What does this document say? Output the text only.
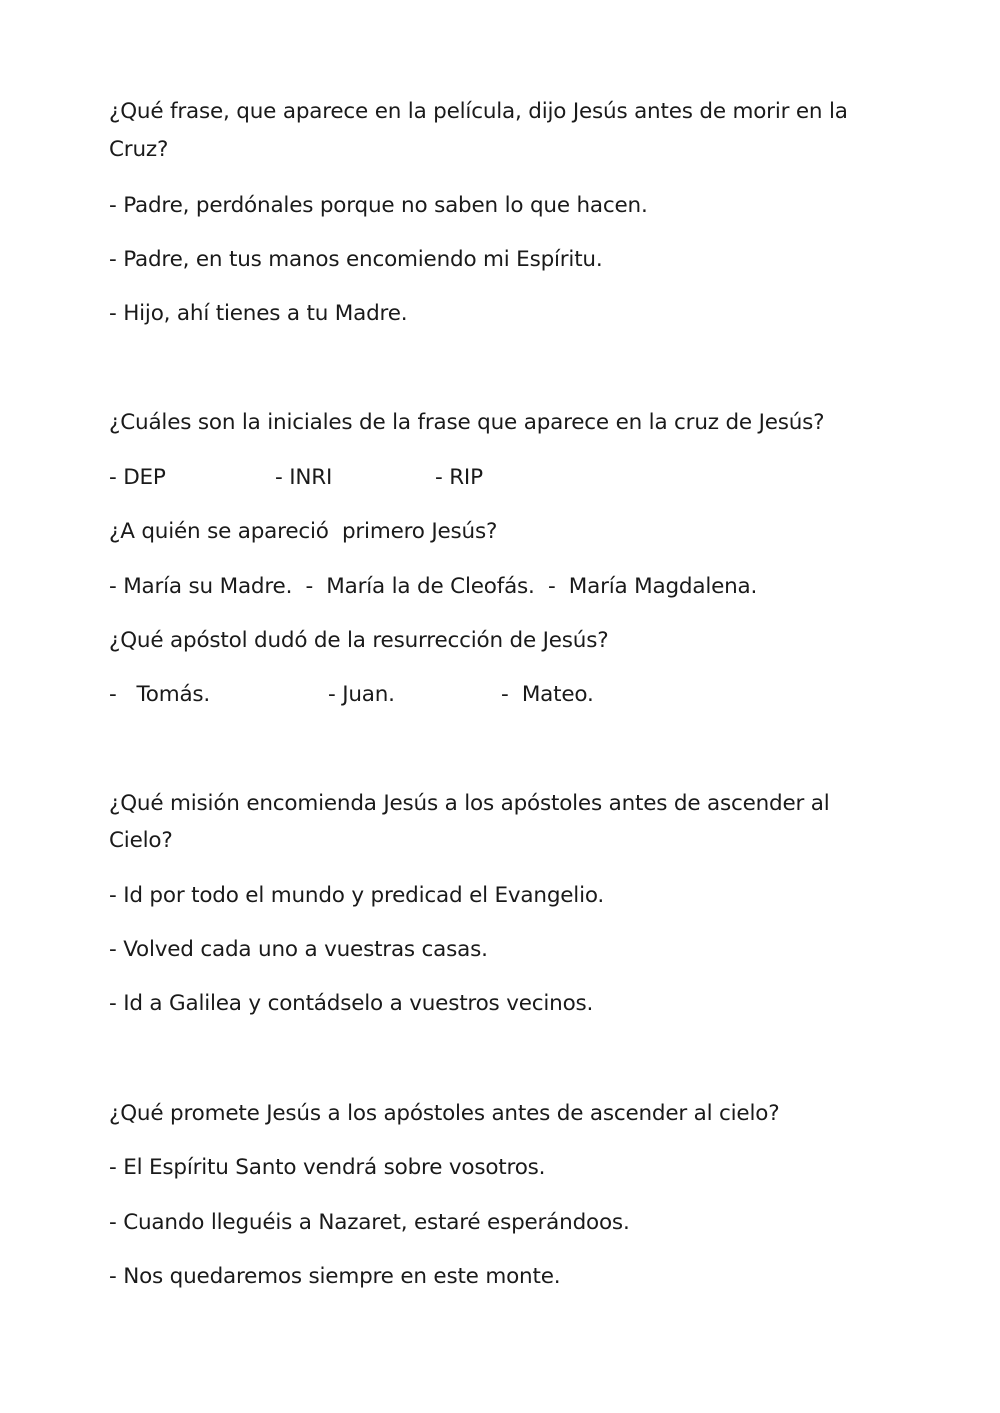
¿Qué frase, que aparece en la película, dijo Jesús antes de morir en la
Cruz?
- Padre, perdónales porque no saben lo que hacen.
- Padre, en tus manos encomiendo mi Espíritu.
- Hijo, ahí tienes a tu Madre.
¿Cuáles son la iniciales de la frase que aparece en la cruz de Jesús?

- DEP

	- INRI

	- RIP

¿A quién se apareció  primero Jesús?
- María su Madre.  -  María la de Cleofás.  -  María Magdalena.
¿Qué apóstol dudó de la resurrección de Jesús?

-   Tomás.

	- Juan.

	-  Mateo.

¿Qué misión encomienda Jesús a los apóstoles antes de ascender al
Cielo?
- Id por todo el mundo y predicad el Evangelio.
- Volved cada uno a vuestras casas.
- Id a Galilea y contádselo a vuestros vecinos.
¿Qué promete Jesús a los apóstoles antes de ascender al cielo?
- El Espíritu Santo vendrá sobre vosotros.
- Cuando lleguéis a Nazaret, estaré esperándoos.
- Nos quedaremos siempre en este monte.
